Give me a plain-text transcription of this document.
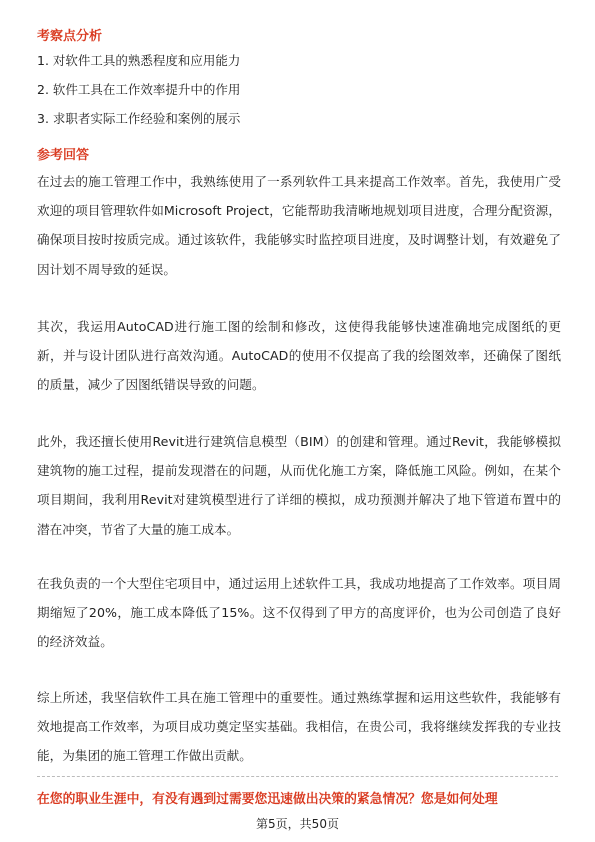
考察点分析
1. 对软件工具的熟悉程度和应用能力
2. 软件工具在工作效率提升中的作用
3. 求职者实际工作经验和案例的展示
参考回答
在过去的施工管理工作中，我熟练使用了一系列软件工具来提高工作效率。首先，我使用广受欢迎的项目管理软件如Microsoft Project，它能帮助我清晰地规划项目进度，合理分配资源，确保项目按时按质完成。通过该软件，我能够实时监控项目进度，及时调整计划，有效避免了因计划不周导致的延误。
其次，我运用AutoCAD进行施工图的绘制和修改，这使得我能够快速准确地完成图纸的更新，并与设计团队进行高效沟通。AutoCAD的使用不仅提高了我的绘图效率，还确保了图纸的质量，减少了因图纸错误导致的问题。
此外，我还擅长使用Revit进行建筑信息模型（BIM）的创建和管理。通过Revit，我能够模拟建筑物的施工过程，提前发现潜在的问题，从而优化施工方案，降低施工风险。例如，在某个项目期间，我利用Revit对建筑模型进行了详细的模拟，成功预测并解决了地下管道布置中的潜在冲突，节省了大量的施工成本。
在我负责的一个大型住宅项目中，通过运用上述软件工具，我成功地提高了工作效率。项目周期缩短了20%，施工成本降低了15%。这不仅得到了甲方的高度评价，也为公司创造了良好的经济效益。
综上所述，我坚信软件工具在施工管理中的重要性。通过熟练掌握和运用这些软件，我能够有效地提高工作效率，为项目成功奠定坚实基础。我相信，在贵公司，我将继续发挥我的专业技能，为集团的施工管理工作做出贡献。
在您的职业生涯中，有没有遇到过需要您迅速做出决策的紧急情况？您是如何处理
第5页，共50页
